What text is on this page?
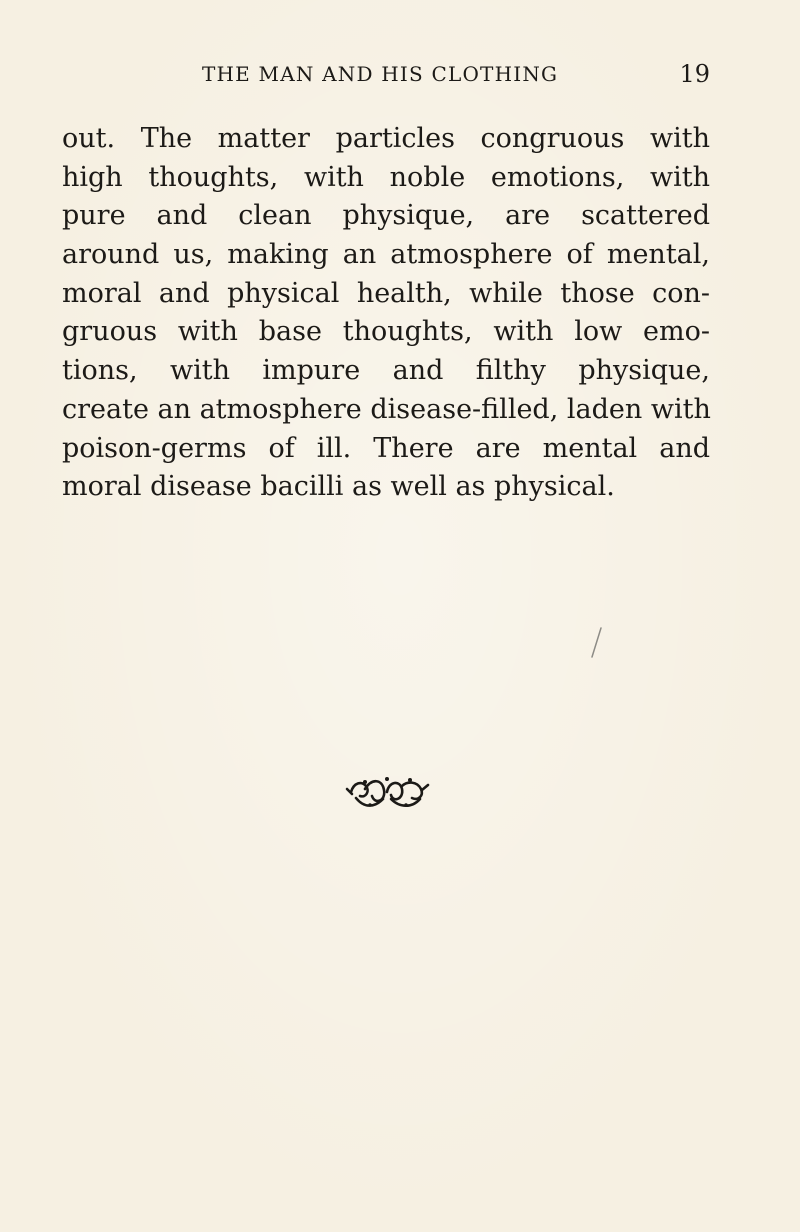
THE MAN AND HIS CLOTHING	19
out. The matter particles congruous with
high thoughts, with noble emotions, with
pure and clean physique, are scattered
around us, making an atmosphere of mental,
moral and physical health, while those con-
gruous with base thoughts, with low emo-
tions, with impure and filthy physique,
create an atmosphere disease-filled, laden with
poison-germs of ill. There are mental and
moral disease bacilli as well as physical.
